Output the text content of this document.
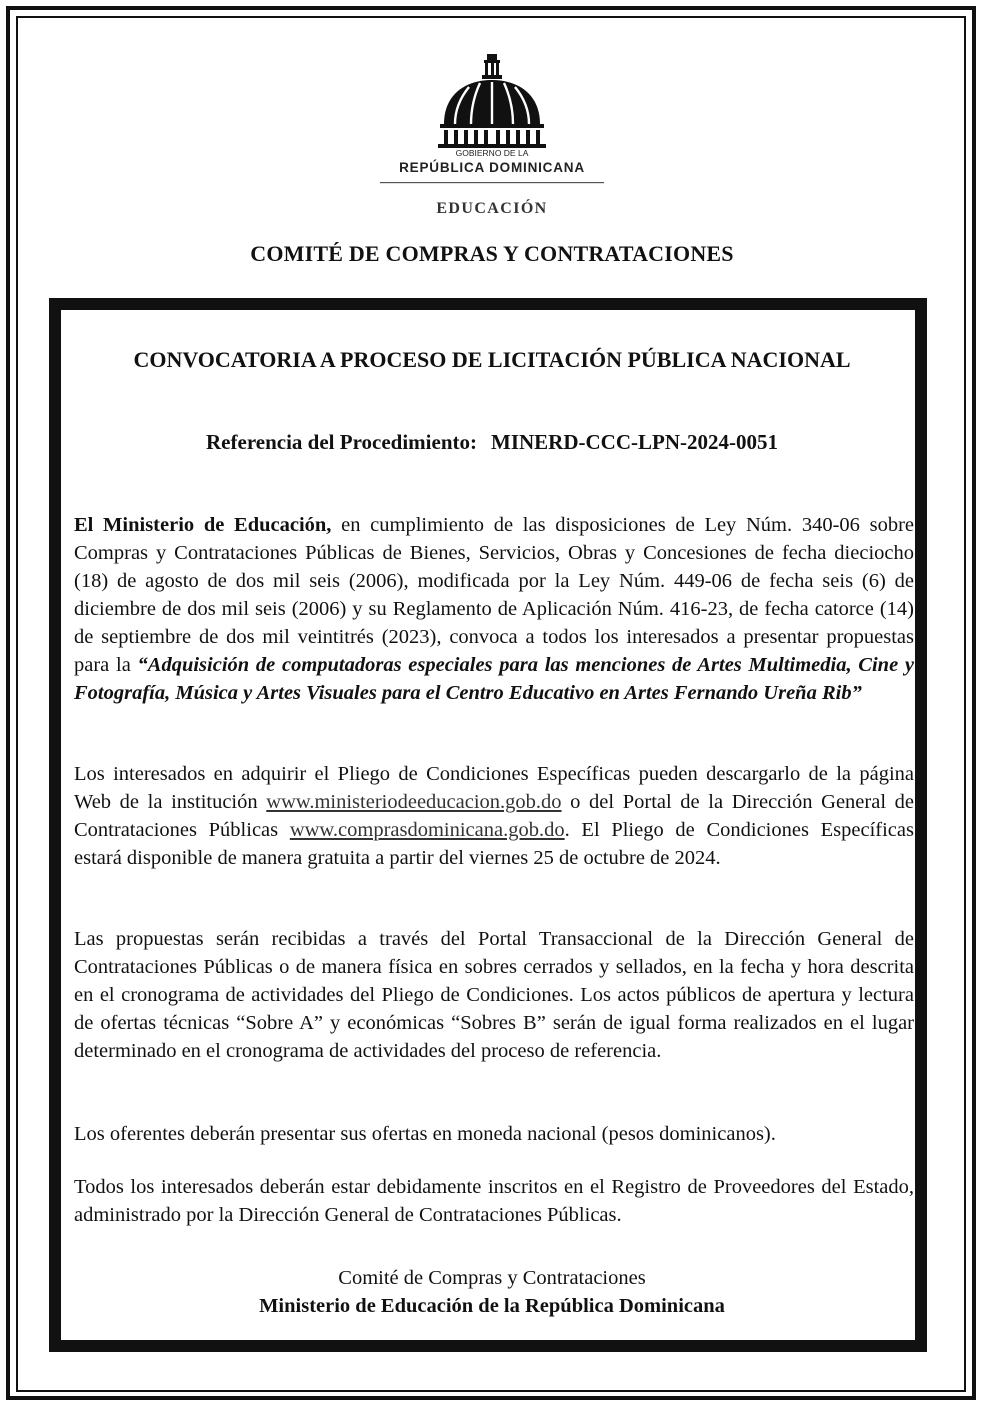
GOBIERNO DE LA
REPÚBLICA DOMINICANA
EDUCACIÓN
COMITÉ DE COMPRAS Y CONTRATACIONES
CONVOCATORIA A PROCESO DE LICITACIÓN PÚBLICA NACIONAL
Referencia del Procedimiento: MINERD-CCC-LPN-2024-0051
El Ministerio de Educación, en cumplimiento de las disposiciones de Ley Núm. 340-06 sobre Compras y Contrataciones Públicas de Bienes, Servicios, Obras y Concesiones de fecha dieciocho (18) de agosto de dos mil seis (2006), modificada por la Ley Núm. 449-06 de fecha seis (6) de diciembre de dos mil seis (2006) y su Reglamento de Aplicación Núm. 416-23, de fecha catorce (14) de septiembre de dos mil veintitrés (2023), convoca a todos los interesados a presentar propuestas para la “Adquisición de computadoras especiales para las menciones de Artes Multimedia, Cine y Fotografía, Música y Artes Visuales para el Centro Educativo en Artes Fernando Ureña Rib”
Los interesados en adquirir el Pliego de Condiciones Específicas pueden descargarlo de la página Web de la institución www.ministeriodeeducacion.gob.do o del Portal de la Dirección General de Contrataciones Públicas www.comprasdominicana.gob.do. El Pliego de Condiciones Específicas estará disponible de manera gratuita a partir del viernes 25 de octubre de 2024.
Las propuestas serán recibidas a través del Portal Transaccional de la Dirección General de Contrataciones Públicas o de manera física en sobres cerrados y sellados, en la fecha y hora descrita en el cronograma de actividades del Pliego de Condiciones. Los actos públicos de apertura y lectura de ofertas técnicas “Sobre A” y económicas “Sobres B” serán de igual forma realizados en el lugar determinado en el cronograma de actividades del proceso de referencia.
Los oferentes deberán presentar sus ofertas en moneda nacional (pesos dominicanos).
Todos los interesados deberán estar debidamente inscritos en el Registro de Proveedores del Estado, administrado por la Dirección General de Contrataciones Públicas.
Comité de Compras y Contrataciones
Ministerio de Educación de la República Dominicana
